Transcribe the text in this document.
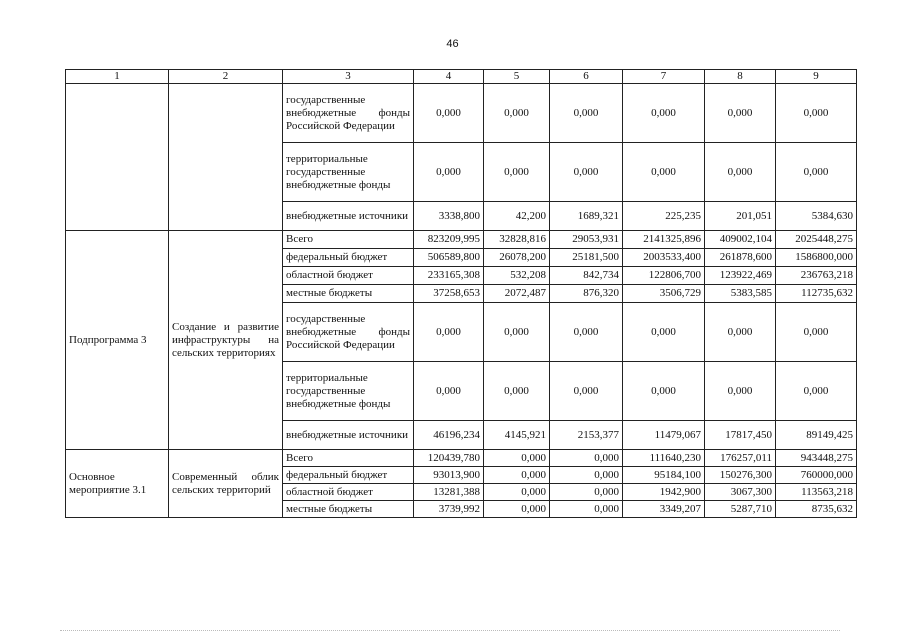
46
1	2	3	4	5	6	7	8	9
		государственные внебюджетные фонды Российской Федерации	0,000	0,000	0,000	0,000	0,000	0,000
		территориальные государственные внебюджетные фонды	0,000	0,000	0,000	0,000	0,000	0,000
		внебюджетные источники	3338,800	42,200	1689,321	225,235	201,051	5384,630
Подпрограмма 3	Создание и развитие инфраструктуры на сельских территориях	Всего	823209,995	32828,816	29053,931	2141325,896	409002,104	2025448,275
		федеральный бюджет	506589,800	26078,200	25181,500	2003533,400	261878,600	1586800,000
		областной бюджет	233165,308	532,208	842,734	122806,700	123922,469	236763,218
		местные бюджеты	37258,653	2072,487	876,320	3506,729	5383,585	112735,632
		государственные внебюджетные фонды Российской Федерации	0,000	0,000	0,000	0,000	0,000	0,000
		территориальные государственные внебюджетные фонды	0,000	0,000	0,000	0,000	0,000	0,000
		внебюджетные источники	46196,234	4145,921	2153,377	11479,067	17817,450	89149,425
Основное мероприятие 3.1	Современный облик сельских территорий	Всего	120439,780	0,000	0,000	111640,230	176257,011	943448,275
		федеральный бюджет	93013,900	0,000	0,000	95184,100	150276,300	760000,000
		областной бюджет	13281,388	0,000	0,000	1942,900	3067,300	113563,218
		местные бюджеты	3739,992	0,000	0,000	3349,207	5287,710	8735,632
